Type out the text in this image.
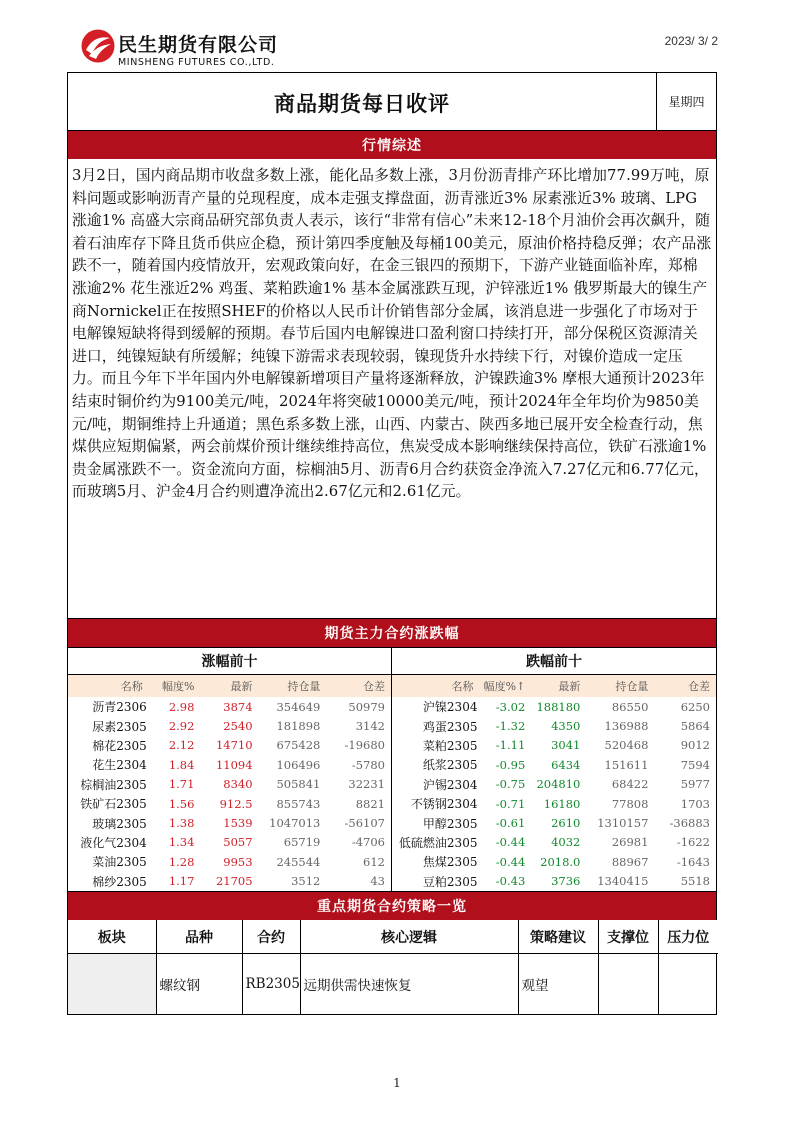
民生期货有限公司
MINSHENG FUTURES CO.,LTD.
2023/ 3/ 2
商品期货每日收评	星期四
行情综述
3月2日，国内商品期市收盘多数上涨，能化品多数上涨，3月份沥青排产环比增加77.99万吨，原料问题或影响沥青产量的兑现程度，成本走强支撑盘面，沥青涨近3% 尿素涨近3% 玻璃、LPG涨逾1% 高盛大宗商品研究部负责人表示，该行“非常有信心”未来12-18个月油价会再次飙升，随着石油库存下降且货币供应企稳，预计第四季度触及每桶100美元，原油价格持稳反弹；农产品涨跌不一，随着国内疫情放开，宏观政策向好，在金三银四的预期下，下游产业链面临补库，郑棉涨逾2% 花生涨近2% 鸡蛋、菜粕跌逾1% 基本金属涨跌互现，沪锌涨近1% 俄罗斯最大的镍生产商Nornickel正在按照SHEF的价格以人民币计价销售部分金属，该消息进一步强化了市场对于电解镍短缺将得到缓解的预期。春节后国内电解镍进口盈利窗口持续打开，部分保税区资源清关进口，纯镍短缺有所缓解；纯镍下游需求表现较弱，镍现货升水持续下行，对镍价造成一定压力。而且今年下半年国内外电解镍新增项目产量将逐渐释放，沪镍跌逾3% 摩根大通预计2023年结束时铜价约为9100美元/吨，2024年将突破10000美元/吨，预计2024年全年均价为9850美元/吨，期铜维持上升通道；黑色系多数上涨，山西、内蒙古、陕西多地已展开安全检查行动，焦煤供应短期偏紧，两会前煤价预计继续维持高位，焦炭受成本影响继续保持高位，铁矿石涨逾1% 贵金属涨跌不一。资金流向方面，棕榈油5月、沥青6月合约获资金净流入7.27亿元和6.77亿元，而玻璃5月、沪金4月合约则遭净流出2.67亿元和2.61亿元。
期货主力合约涨跌幅
涨幅前十
名称	幅度%	最新	持仓量	仓差
沥青2306	2.98	3874	354649	50979
尿素2305	2.92	2540	181898	3142
棉花2305	2.12	14710	675428	-19680
花生2304	1.84	11094	106496	-5780
棕榈油2305	1.71	8340	505841	32231
铁矿石2305	1.56	912.5	855743	8821
玻璃2305	1.38	1539	1047013	-56107
液化气2304	1.34	5057	65719	-4706
菜油2305	1.28	9953	245544	612
棉纱2305	1.17	21705	3512	43
跌幅前十
名称	幅度%↑	最新	持仓量	仓差
沪镍2304	-3.02	188180	86550	6250
鸡蛋2305	-1.32	4350	136988	5864
菜粕2305	-1.11	3041	520468	9012
纸浆2305	-0.95	6434	151611	7594
沪锡2304	-0.75	204810	68422	5977
不锈钢2304	-0.71	16180	77808	1703
甲醇2305	-0.61	2610	1310157	-36883
低硫燃油2305	-0.44	4032	26981	-1622
焦煤2305	-0.44	2018.0	88967	-1643
豆粕2305	-0.43	3736	1340415	5518
重点期货合约策略一览
板块	品种	合约	核心逻辑	策略建议	支撑位	压力位
	螺纹钢	RB2305	远期供需快速恢复	观望		
1
